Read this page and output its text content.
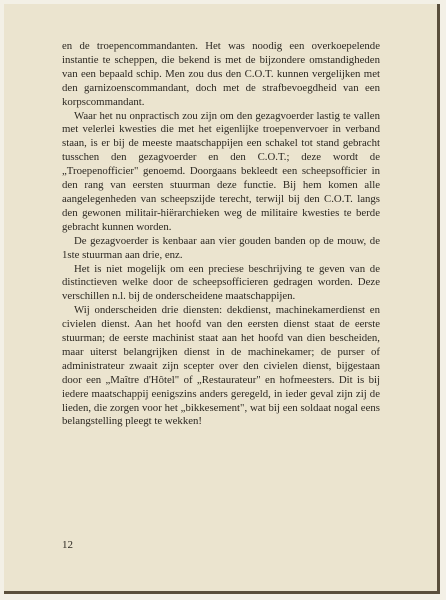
en de troepencommandanten. Het was noodig een overkoepelende instantie te scheppen, die bekend is met de bijzondere omstandigheden van een bepaald schip. Men zou dus den C.O.T. kunnen vergelijken met den garnizoenscommandant, doch met de strafbevoegdheid van een korpscommandant.

Waar het nu onpractisch zou zijn om den gezagvoerder lastig te vallen met velerlei kwesties die met het eigenlijke troepenvervoer in verband staan, is er bij de meeste maatschappijen een schakel tot stand gebracht tusschen den gezagvoerder en den C.O.T.; deze wordt de „Troepenofficier" genoemd. Doorgaans bekleedt een scheepsofficier in den rang van eersten stuurman deze functie. Bij hem komen alle aangelegenheden van scheepszijde terecht, terwijl bij den C.O.T. langs den gewonen militair-hiërarchieken weg de militaire kwesties te berde gebracht kunnen worden.

De gezagvoerder is kenbaar aan vier gouden banden op de mouw, de 1ste stuurman aan drie, enz.

Het is niet mogelijk om een preciese beschrijving te geven van de distinctieven welke door de scheepsofficieren gedragen worden. Deze verschillen n.l. bij de onderscheidene maatschappijen.

Wij onderscheiden drie diensten: dekdienst, machinekamerdienst en civielen dienst. Aan het hoofd van den eersten dienst staat de eerste stuurman; de eerste machinist staat aan het hoofd van dien bescheiden, maar uiterst belangrijken dienst in de machinekamer; de purser of administrateur zwaait zijn scepter over den civielen dienst, bijgestaan door een „Maître d'Hôtel" of „Restaurateur" en hofmeesters. Dit is bij iedere maatschappij eenigszins anders geregeld, in ieder geval zijn zij de lieden, die zorgen voor het „bikkesement", wat bij een soldaat nogal eens belangstelling pleegt te wekken!

12
